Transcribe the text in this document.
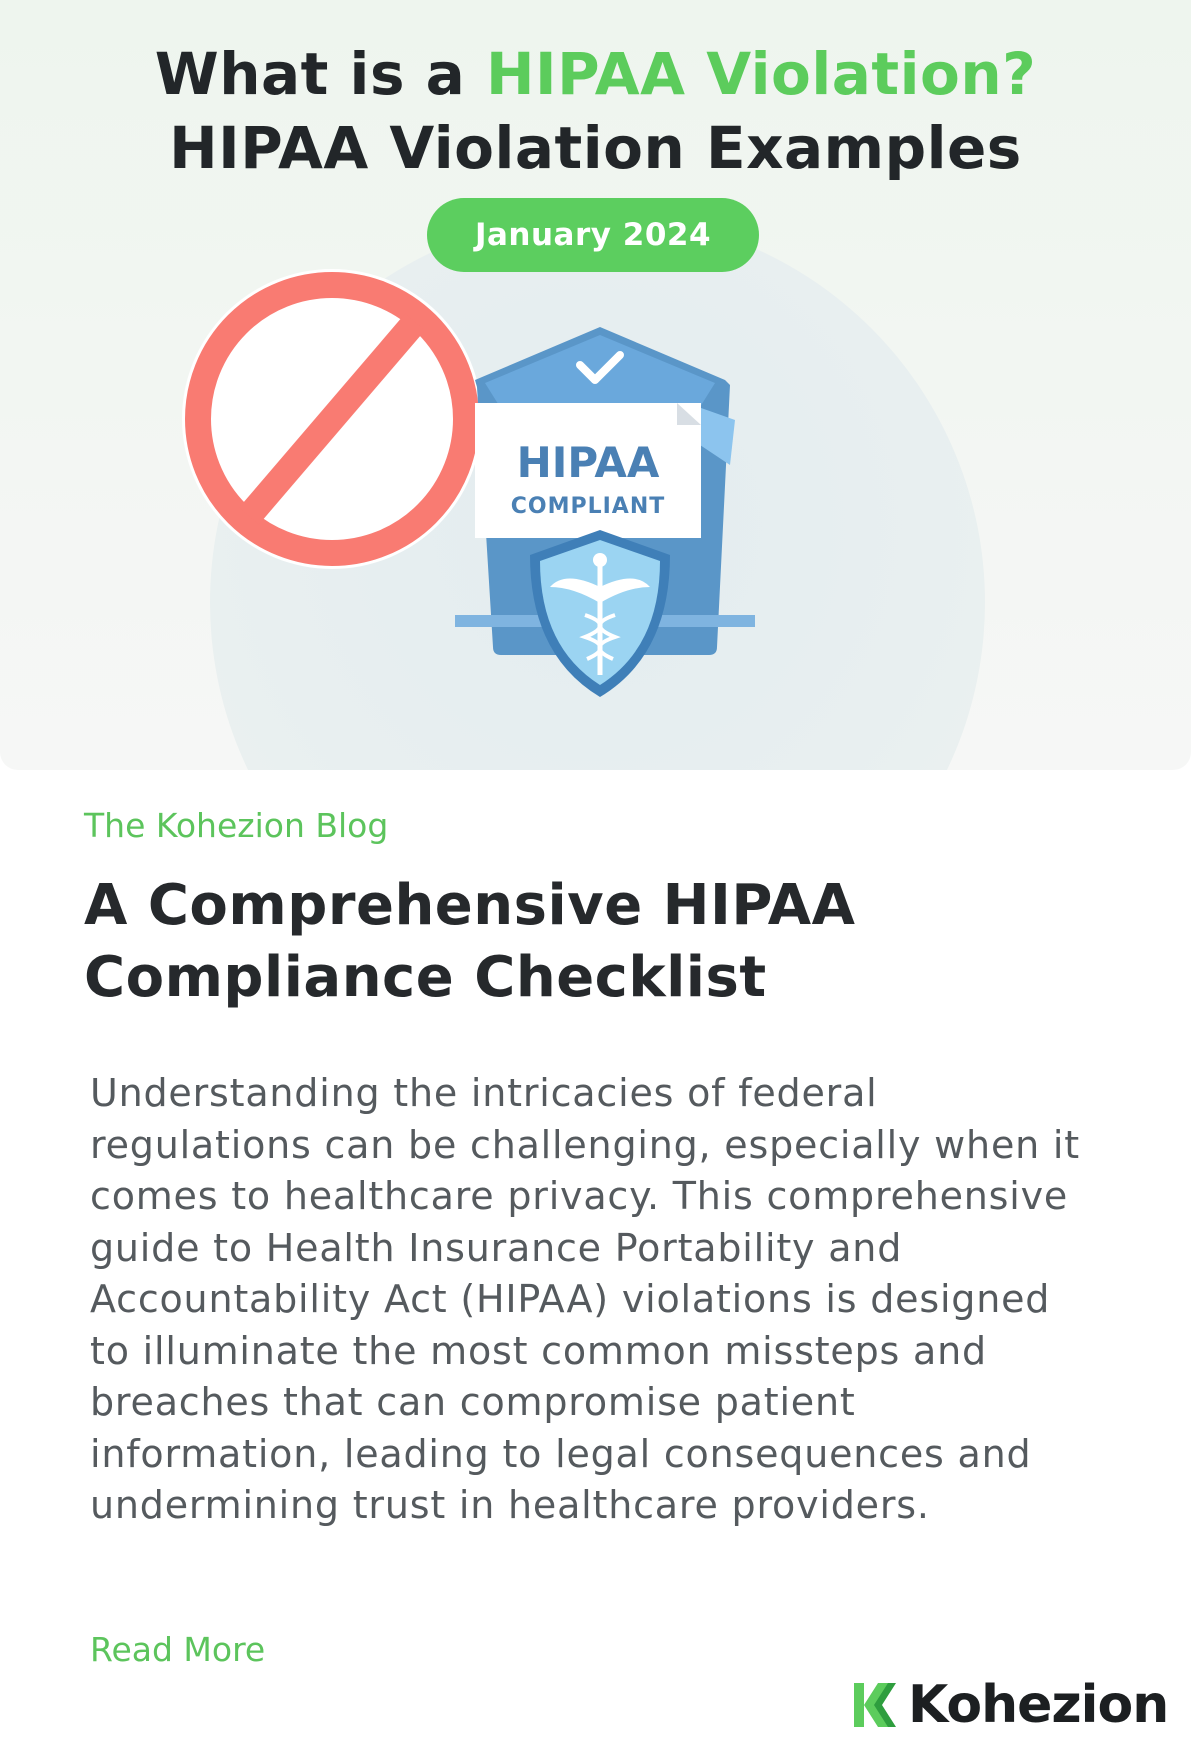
What is a HIPAA Violation?
HIPAA Violation Examples
January 2024
HIPAA
COMPLIANT

The Kohezion Blog

A Comprehensive HIPAA Compliance Checklist

Understanding the intricacies of federal regulations can be challenging, especially when it comes to healthcare privacy. This comprehensive guide to Health Insurance Portability and Accountability Act (HIPAA) violations is designed to illuminate the most common missteps and breaches that can compromise patient information, leading to legal consequences and undermining trust in healthcare providers.

Read More
Kohezion
